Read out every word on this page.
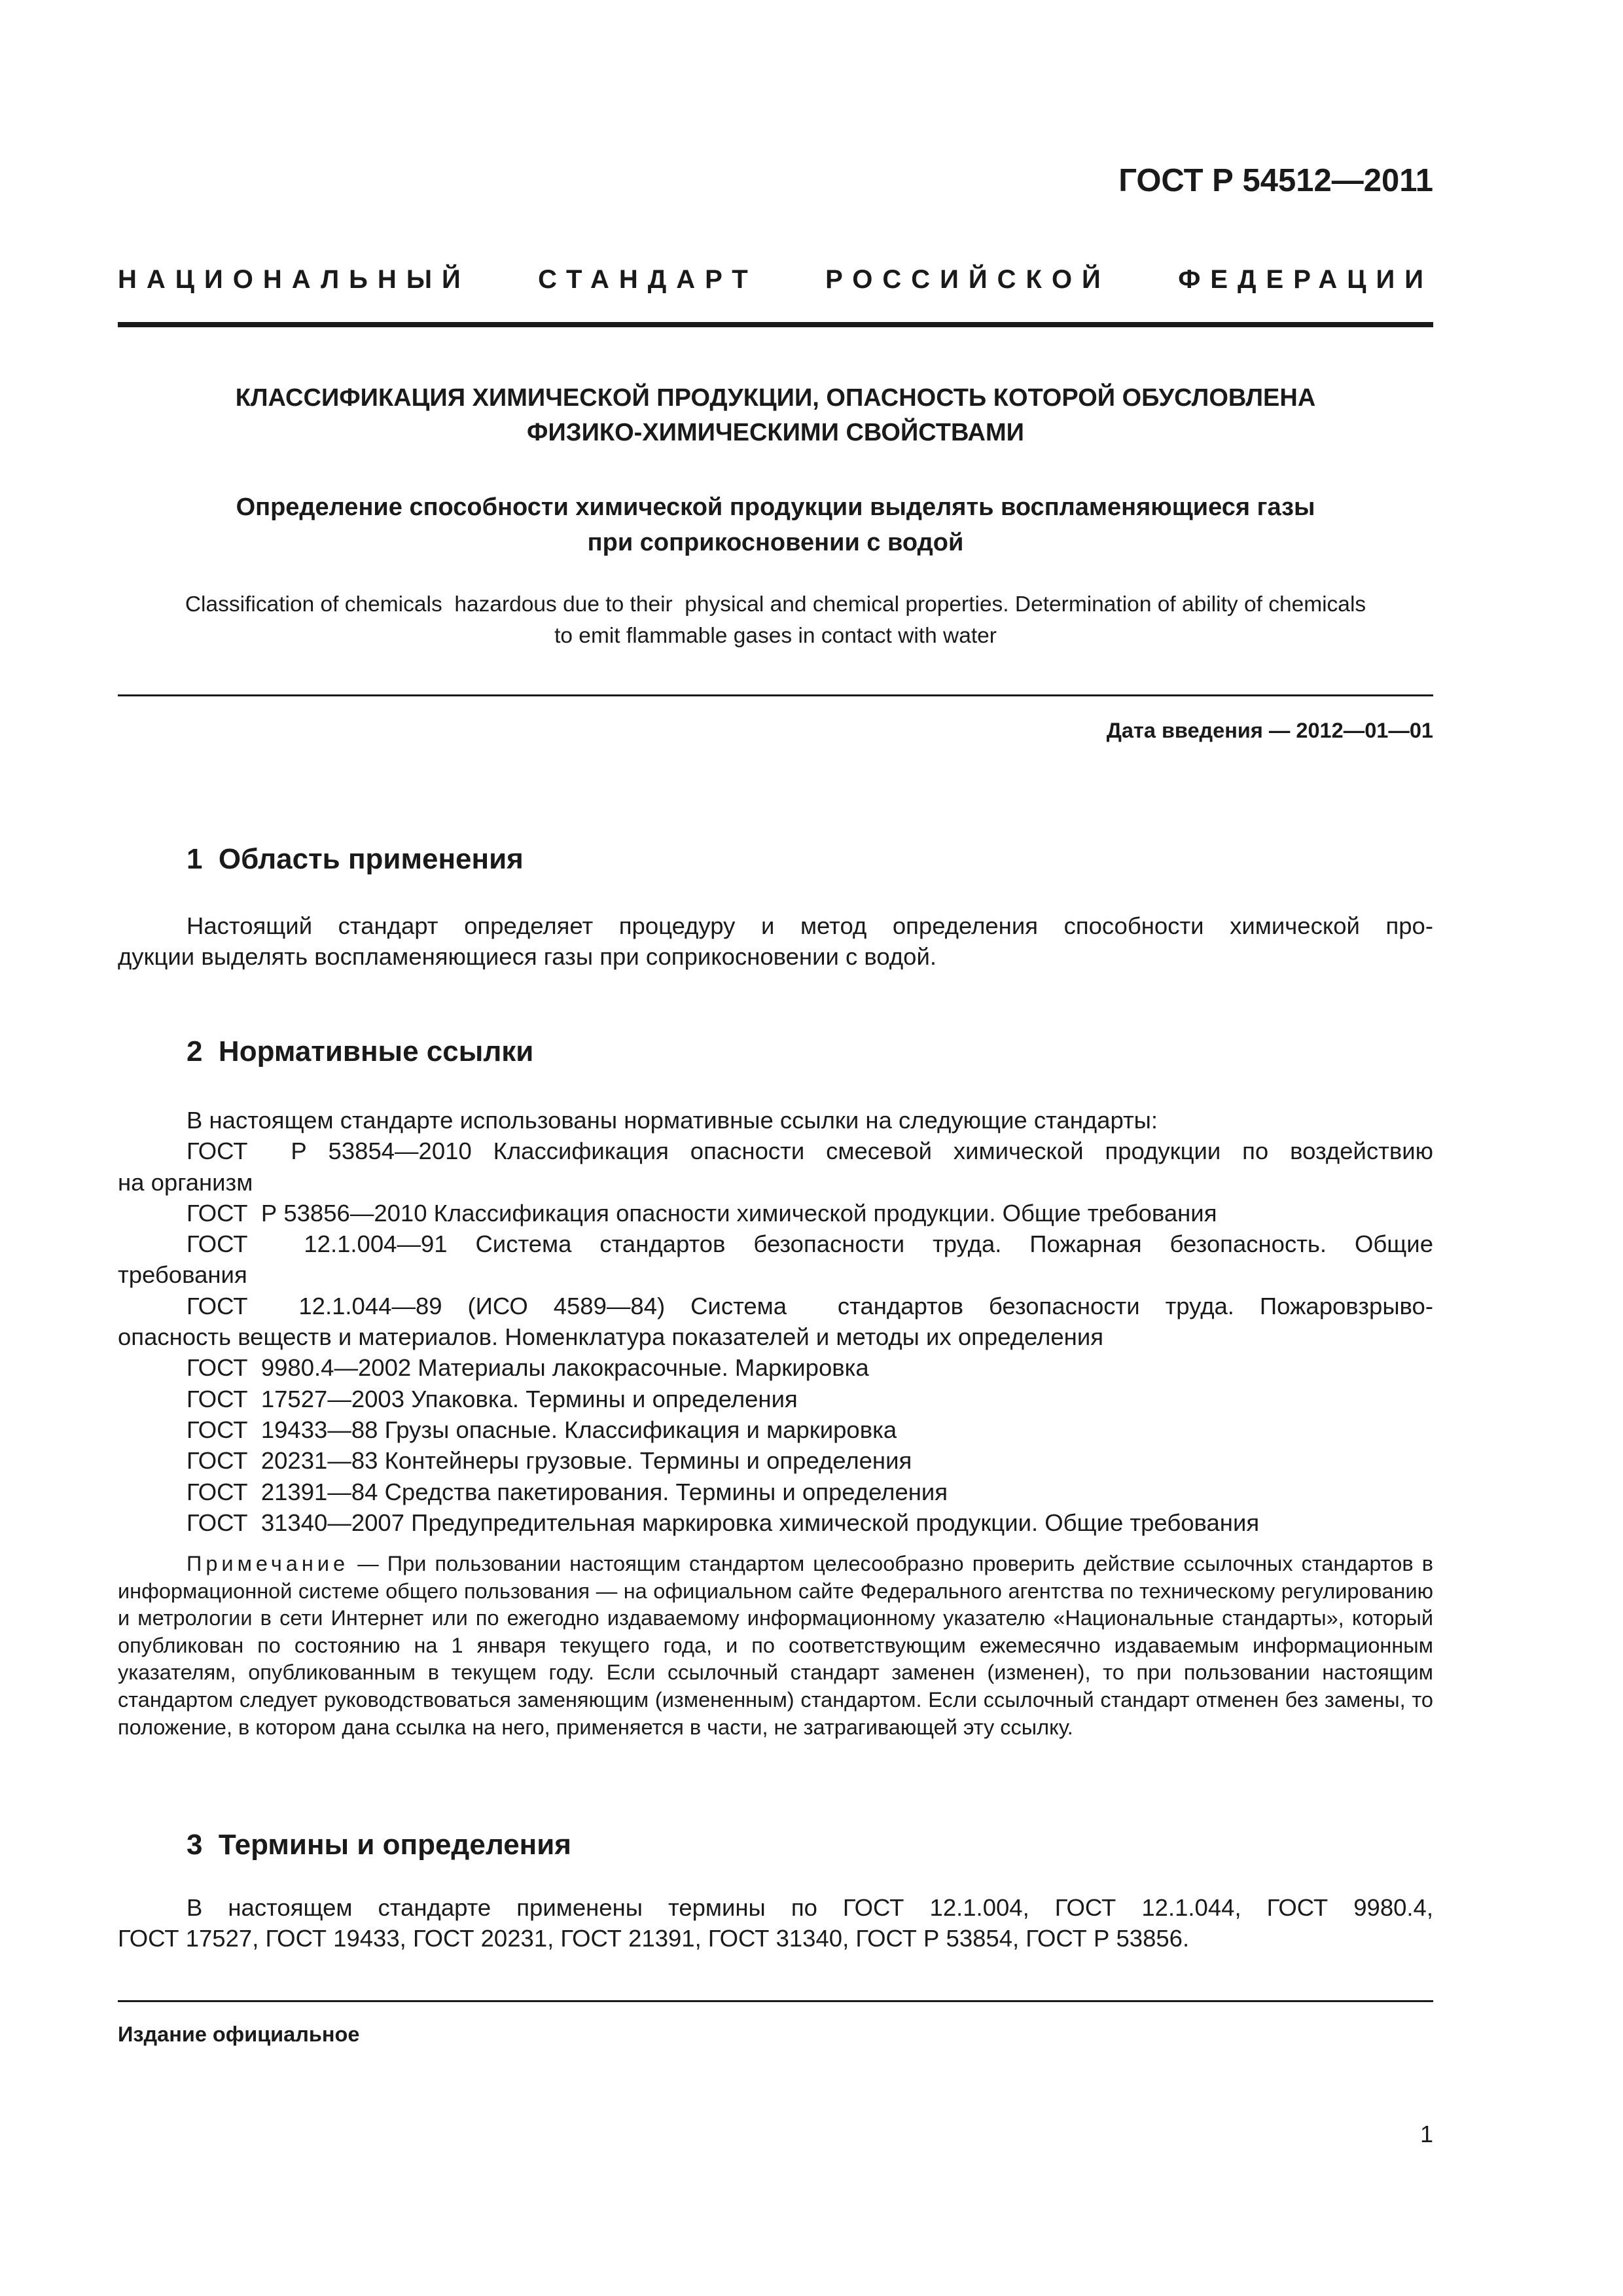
ГОСТ Р 54512—2011
НАЦИОНАЛЬНЫЙ СТАНДАРТ РОССИЙСКОЙ ФЕДЕРАЦИИ
КЛАССИФИКАЦИЯ ХИМИЧЕСКОЙ ПРОДУКЦИИ, ОПАСНОСТЬ КОТОРОЙ ОБУСЛОВЛЕНА
ФИЗИКО-ХИМИЧЕСКИМИ СВОЙСТВАМИ
Определение способности химической продукции выделять воспламеняющиеся газы
при соприкосновении с водой
Classification of chemicals  hazardous due to their  physical and chemical properties. Determination of ability of chemicals
to emit flammable gases in contact with water
Дата введения — 2012—01—01
1  Область применения
Настоящий стандарт определяет процедуру и метод определения способности химической про-
дукции выделять воспламеняющиеся газы при соприкосновении с водой.
2  Нормативные ссылки
В настоящем стандарте использованы нормативные ссылки на следующие стандарты:
ГОСТ  Р 53854—2010 Классификация опасности смесевой химической продукции по воздействию
на организм
ГОСТ  Р 53856—2010 Классификация опасности химической продукции. Общие требования
ГОСТ  12.1.004—91 Система стандартов безопасности труда. Пожарная безопасность. Общие
требования
ГОСТ  12.1.044—89 (ИСО 4589—84) Система  стандартов безопасности труда. Пожаровзрыво-
опасность веществ и материалов. Номенклатура показателей и методы их определения
ГОСТ  9980.4—2002 Материалы лакокрасочные. Маркировка
ГОСТ  17527—2003 Упаковка. Термины и определения
ГОСТ  19433—88 Грузы опасные. Классификация и маркировка
ГОСТ  20231—83 Контейнеры грузовые. Термины и определения
ГОСТ  21391—84 Средства пакетирования. Термины и определения
ГОСТ  31340—2007 Предупредительная маркировка химической продукции. Общие требования
Примечание — При пользовании настоящим стандартом целесообразно проверить действие ссылочных стандартов в информационной системе общего пользования — на официальном сайте Федерального агентства по техническому регулированию и метрологии в сети Интернет или по ежегодно издаваемому информационному указателю «Национальные стандарты», который опубликован по состоянию на 1 января текущего года, и по соответствующим ежемесячно издаваемым информационным указателям, опубликованным в текущем году. Если ссылочный стандарт заменен (изменен), то при пользовании настоящим стандартом следует руководствоваться заменяющим (измененным) стандартом. Если ссылочный стандарт отменен без замены, то положение, в котором дана ссылка на него, применяется в части, не затрагивающей эту ссылку.
3  Термины и определения
В настоящем стандарте применены термины по ГОСТ 12.1.004, ГОСТ 12.1.044, ГОСТ 9980.4,
ГОСТ 17527, ГОСТ 19433, ГОСТ 20231, ГОСТ 21391, ГОСТ 31340, ГОСТ Р 53854, ГОСТ Р 53856.
Издание официальное
1
